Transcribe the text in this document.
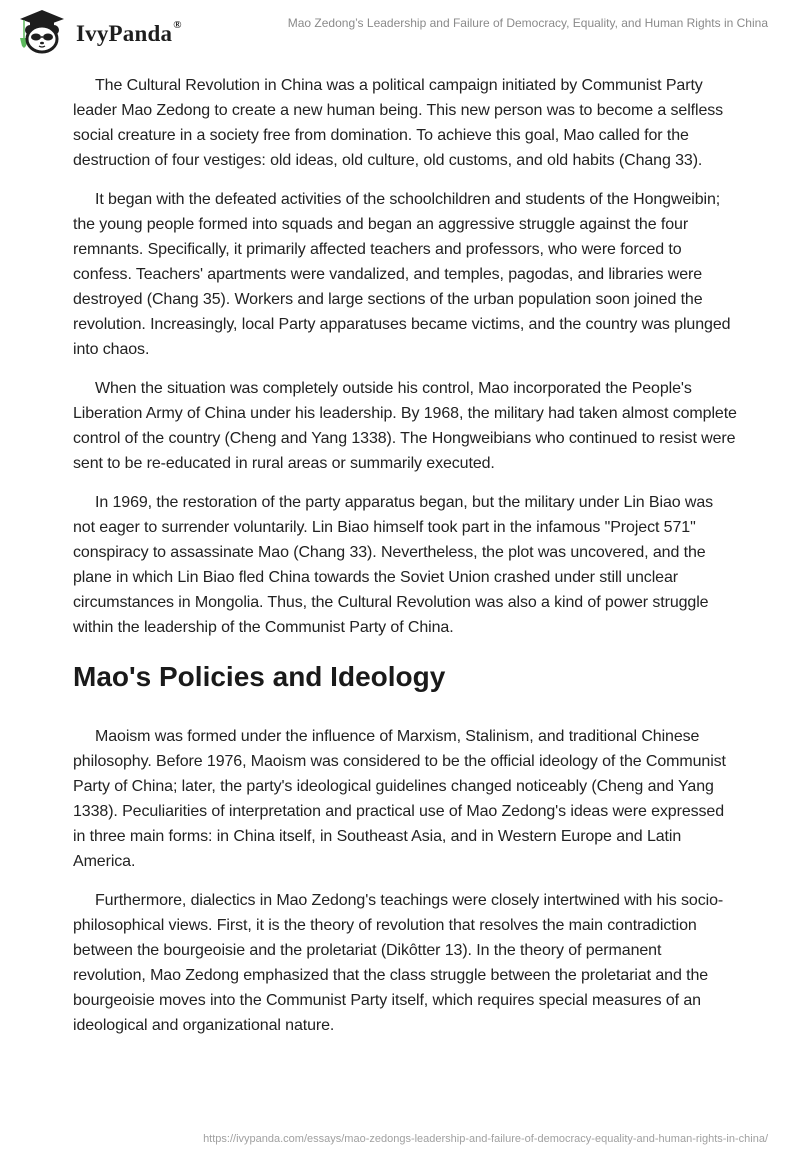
IvyPanda®	Mao Zedong’s Leadership and Failure of Democracy, Equality, and Human Rights in China

The Cultural Revolution in China was a political campaign initiated by Communist Party leader Mao Zedong to create a new human being. This new person was to become a selfless social creature in a society free from domination. To achieve this goal, Mao called for the destruction of four vestiges: old ideas, old culture, old customs, and old habits (Chang 33).

It began with the defeated activities of the schoolchildren and students of the Hongweibin; the young people formed into squads and began an aggressive struggle against the four remnants. Specifically, it primarily affected teachers and professors, who were forced to confess. Teachers' apartments were vandalized, and temples, pagodas, and libraries were destroyed (Chang 35). Workers and large sections of the urban population soon joined the revolution. Increasingly, local Party apparatuses became victims, and the country was plunged into chaos.

When the situation was completely outside his control, Mao incorporated the People's Liberation Army of China under his leadership. By 1968, the military had taken almost complete control of the country (Cheng and Yang 1338). The Hongweibians who continued to resist were sent to be re-educated in rural areas or summarily executed.

In 1969, the restoration of the party apparatus began, but the military under Lin Biao was not eager to surrender voluntarily. Lin Biao himself took part in the infamous "Project 571" conspiracy to assassinate Mao (Chang 33). Nevertheless, the plot was uncovered, and the plane in which Lin Biao fled China towards the Soviet Union crashed under still unclear circumstances in Mongolia. Thus, the Cultural Revolution was also a kind of power struggle within the leadership of the Communist Party of China.

Mao's Policies and Ideology

Maoism was formed under the influence of Marxism, Stalinism, and traditional Chinese philosophy. Before 1976, Maoism was considered to be the official ideology of the Communist Party of China; later, the party's ideological guidelines changed noticeably (Cheng and Yang 1338). Peculiarities of interpretation and practical use of Mao Zedong's ideas were expressed in three main forms: in China itself, in Southeast Asia, and in Western Europe and Latin America.

Furthermore, dialectics in Mao Zedong's teachings were closely intertwined with his socio-philosophical views. First, it is the theory of revolution that resolves the main contradiction between the bourgeoisie and the proletariat (Dikôtter 13). In the theory of permanent revolution, Mao Zedong emphasized that the class struggle between the proletariat and the bourgeoisie moves into the Communist Party itself, which requires special measures of an ideological and organizational nature.

https://ivypanda.com/essays/mao-zedongs-leadership-and-failure-of-democracy-equality-and-human-rights-in-china/
